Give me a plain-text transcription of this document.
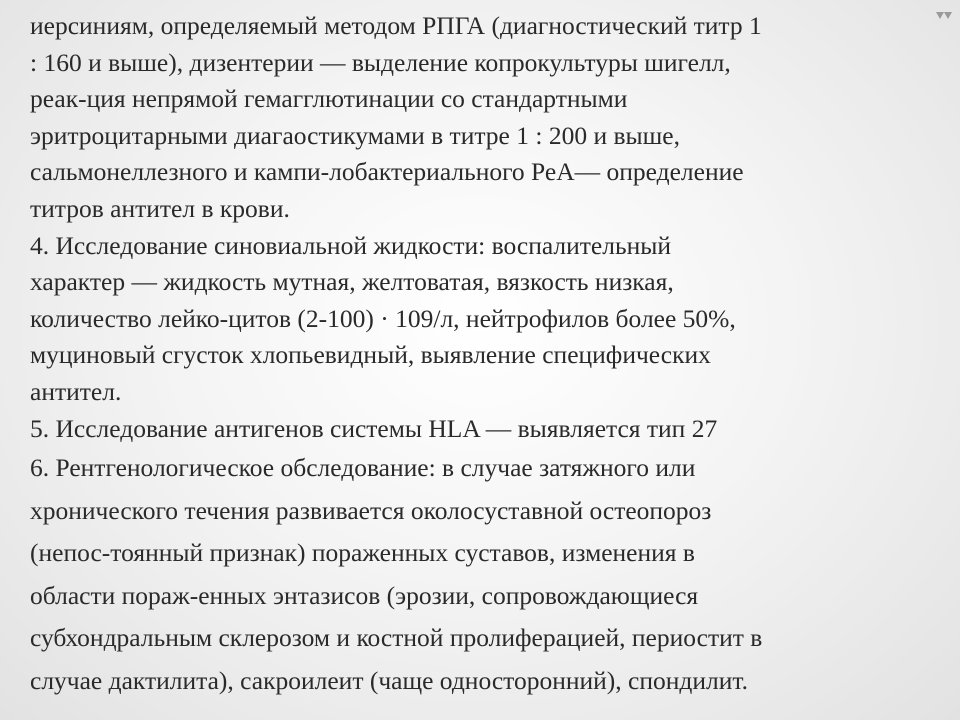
иерсиниям, определяемый методом РПГА (диагностический титр 1
: 160 и выше), дизентерии — выделение копрокультуры шигелл,
реак-ция непрямой гемагглютинации со стандартными
эритроцитарными диагаостикумами в титре 1 : 200 и выше,
сальмонеллезного и кампи-лобактериального РеА— определение
титров антител в крови.
4. Исследование синовиальной жидкости: воспалительный
характер — жидкость мутная, желтоватая, вязкость низкая,
количество лейко-цитов (2-100) · 109/л, нейтрофилов более 50%,
муциновый сгусток хлопьевидный, выявление специфических
антител.
5. Исследование антигенов системы HLA — выявляется тип 27
6. Рентгенологическое обследование: в случае затяжного или
хронического течения развивается околосуставной остеопороз
(непос-тоянный признак) пораженных суставов, изменения в
области пораж-енных энтазисов (эрозии, сопровождающиеся
субхондральным склерозом и костной пролиферацией, периостит в
случае дактилита), сакроилеит (чаще односторонний), спондилит.
